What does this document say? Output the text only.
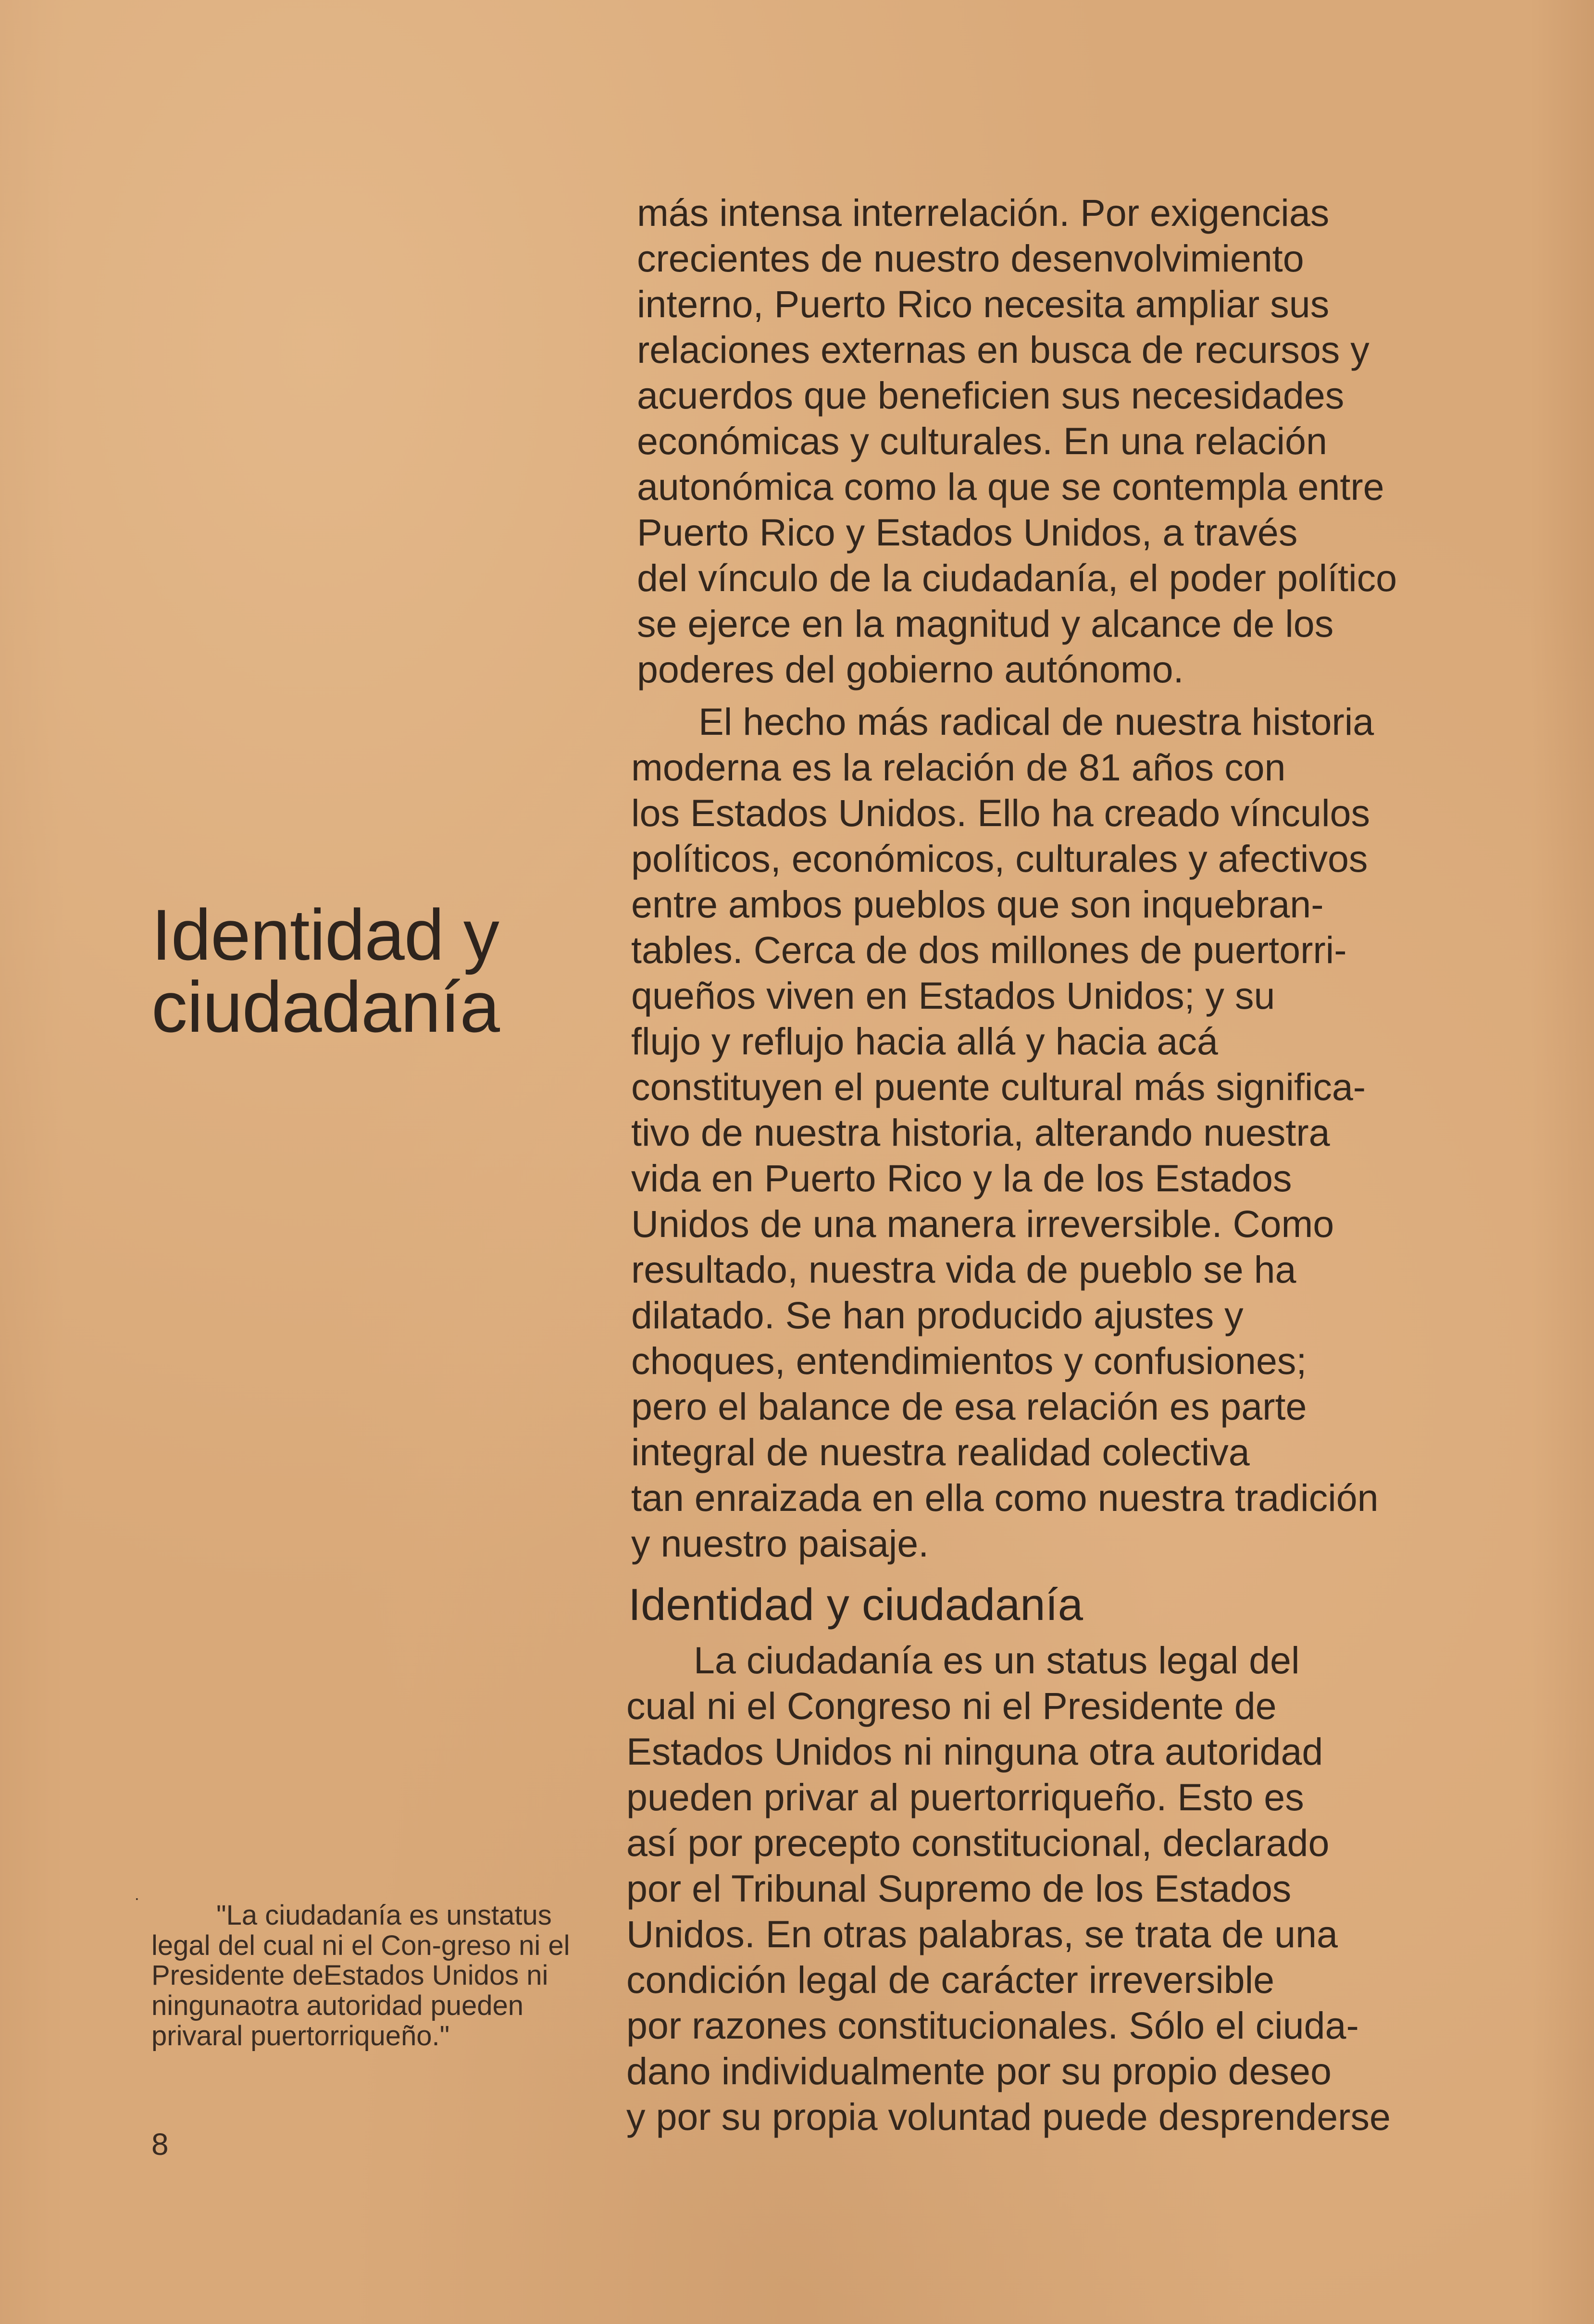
Identidad y
ciudadanía
˙	"La ciudadanía es unstatus legal del cual ni el Con-greso ni el Presidente deEstados Unidos ni ningunaotra autoridad pueden privaral puertorriqueño."
8
más intensa interrelación. Por exigencias
crecientes de nuestro desenvolvimiento
interno, Puerto Rico necesita ampliar sus
relaciones externas en busca de recursos y
acuerdos que beneficien sus necesidades
económicas y culturales. En una relación
autonómica como la que se contempla entre
Puerto Rico y Estados Unidos, a través
del vínculo de la ciudadanía, el poder político
se ejerce en la magnitud y alcance de los
poderes del gobierno autónomo.
El hecho más radical de nuestra historia
moderna es la relación de 81 años con
los Estados Unidos. Ello ha creado vínculos
políticos, económicos, culturales y afectivos
entre ambos pueblos que son inquebran-
tables. Cerca de dos millones de puertorri-
queños viven en Estados Unidos; y su
flujo y reflujo hacia allá y hacia acá
constituyen el puente cultural más significa-
tivo de nuestra historia, alterando nuestra
vida en Puerto Rico y la de los Estados
Unidos de una manera irreversible. Como
resultado, nuestra vida de pueblo se ha
dilatado. Se han producido ajustes y
choques, entendimientos y confusiones;
pero el balance de esa relación es parte
integral de nuestra realidad colectiva
tan enraizada en ella como nuestra tradición
y nuestro paisaje.
Identidad y ciudadanía
La ciudadanía es un status legal del
cual ni el Congreso ni el Presidente de
Estados Unidos ni ninguna otra autoridad
pueden privar al puertorriqueño. Esto es
así por precepto constitucional, declarado
por el Tribunal Supremo de los Estados
Unidos. En otras palabras, se trata de una
condición legal de carácter irreversible
por razones constitucionales. Sólo el ciuda-
dano individualmente por su propio deseo
y por su propia voluntad puede desprenderse
